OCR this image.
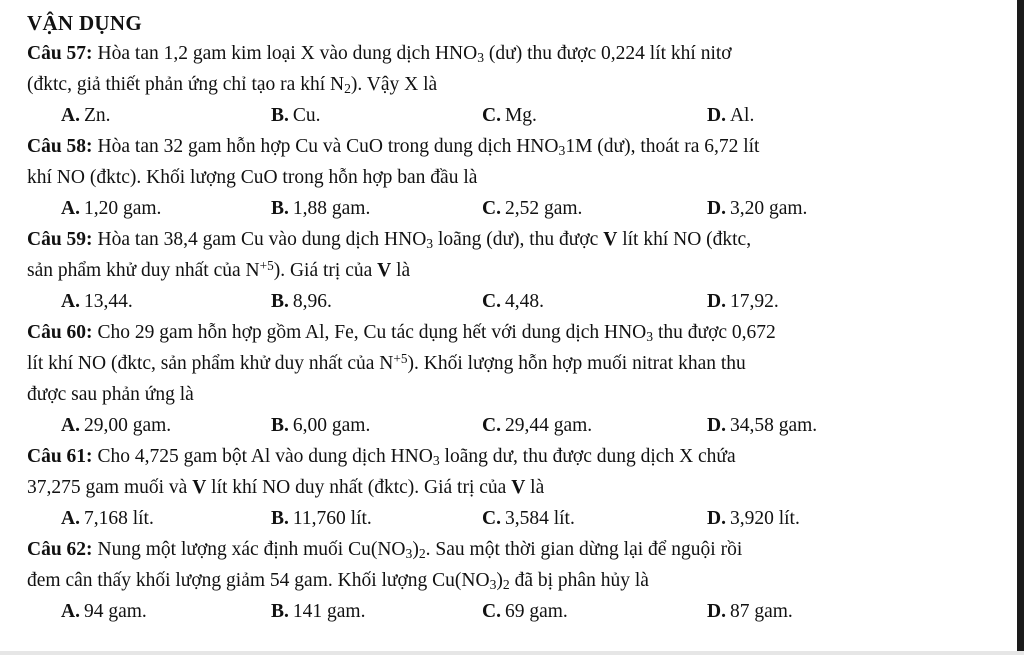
VẬN DỤNG

Câu 57: Hòa tan 1,2 gam kim loại X vào dung dịch $HNO_3$ (dư) thu được 0,224 lít khí nitơ

(đktc, giả thiết phản ứng chỉ tạo ra khí $N_2$). Vậy X là

A. Zn.	B. Cu.	C. Mg.	D. Al.

Câu 58: Hòa tan 32 gam hỗn hợp Cu và CuO trong dung dịch $HNO_31M$ (dư), thoát ra 6,72 lít

khí NO (đktc). Khối lượng CuO trong hỗn hợp ban đầu là

A. 1,20 gam.	B. 1,88 gam.	C. 2,52 gam.	D. 3,20 gam.

Câu 59: Hòa tan 38,4 gam Cu vào dung dịch $HNO_3$ loãng (dư), thu được V lít khí NO (đktc,

sản phẩm khử duy nhất của $N^{+5}$). Giá trị của V là

A. 13,44.	B. 8,96.	C. 4,48.	D. 17,92.

Câu 60: Cho 29 gam hỗn hợp gồm Al, Fe, Cu tác dụng hết với dung dịch $HNO_3$ thu được 0,672

lít khí NO (đktc, sản phẩm khử duy nhất của $N^{+5}$). Khối lượng hỗn hợp muối nitrat khan thu

được sau phản ứng là

A. 29,00 gam.	B. 6,00 gam.	C. 29,44 gam.	D. 34,58 gam.

Câu 61: Cho 4,725 gam bột Al vào dung dịch $HNO_3$ loãng dư, thu được dung dịch X chứa

37,275 gam muối và V lít khí NO duy nhất (đktc). Giá trị của V là

A. 7,168 lít.	B. 11,760 lít.	C. 3,584 lít.	D. 3,920 lít.

Câu 62: Nung một lượng xác định muối $Cu(NO_3)_2$. Sau một thời gian dừng lại để nguội rồi

đem cân thấy khối lượng giảm 54 gam. Khối lượng $Cu(NO_3)_2$ đã bị phân hủy là

A. 94 gam.	B. 141 gam.	C. 69 gam.	D. 87 gam.
